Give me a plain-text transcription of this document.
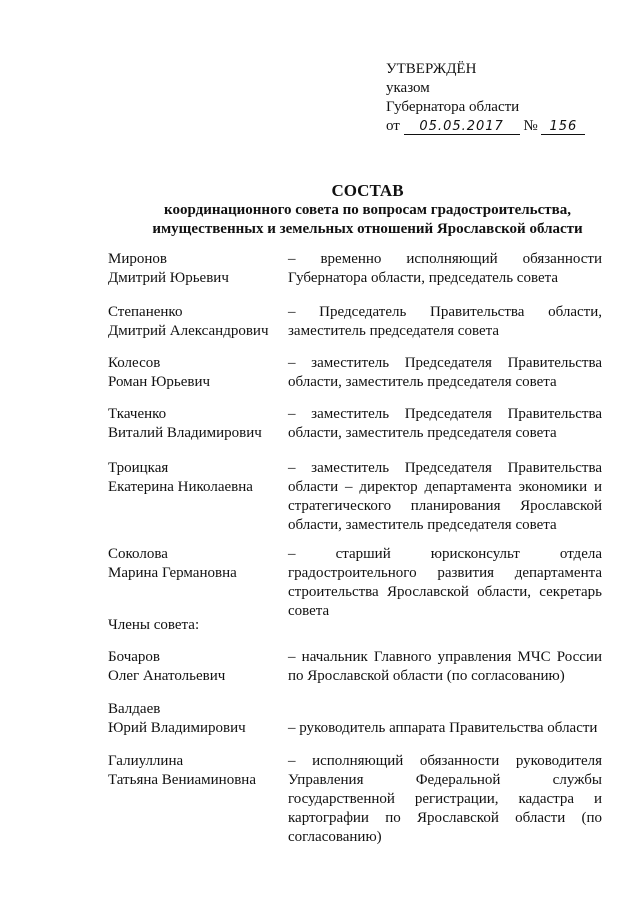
УТВЕРЖДЁН
указом
Губернатора области
от 05.05.2017 № 156
СОСТАВ
координационного совета по вопросам градостроительства,
имущественных и земельных отношений Ярославской области
Миронов
Дмитрий Юрьевич
– временно исполняющий обязанности Губернатора области, председатель совета
Степаненко
Дмитрий Александрович
– Председатель Правительства области, заместитель председателя совета
Колесов
Роман Юрьевич
– заместитель Председателя Правительства области, заместитель председателя совета
Ткаченко
Виталий Владимирович
– заместитель Председателя Правительства области, заместитель председателя совета
Троицкая
Екатерина Николаевна
– заместитель Председателя Правительства области – директор департамента экономики и стратегического планирования Ярославской области, заместитель председателя совета
Соколова
Марина Германовна
– старший юрисконсульт отдела градостроительного развития департамента строительства Ярославской области, секретарь совета
Члены совета:
Бочаров
Олег Анатольевич
– начальник Главного управления МЧС России по Ярославской области (по согласованию)
Валдаев
Юрий Владимирович	– руководитель аппарата Правительства области
Галиуллина
Татьяна Вениаминовна
– исполняющий обязанности руководителя Управления Федеральной службы государственной регистрации, кадастра и картографии по Ярославской области (по согласованию)
